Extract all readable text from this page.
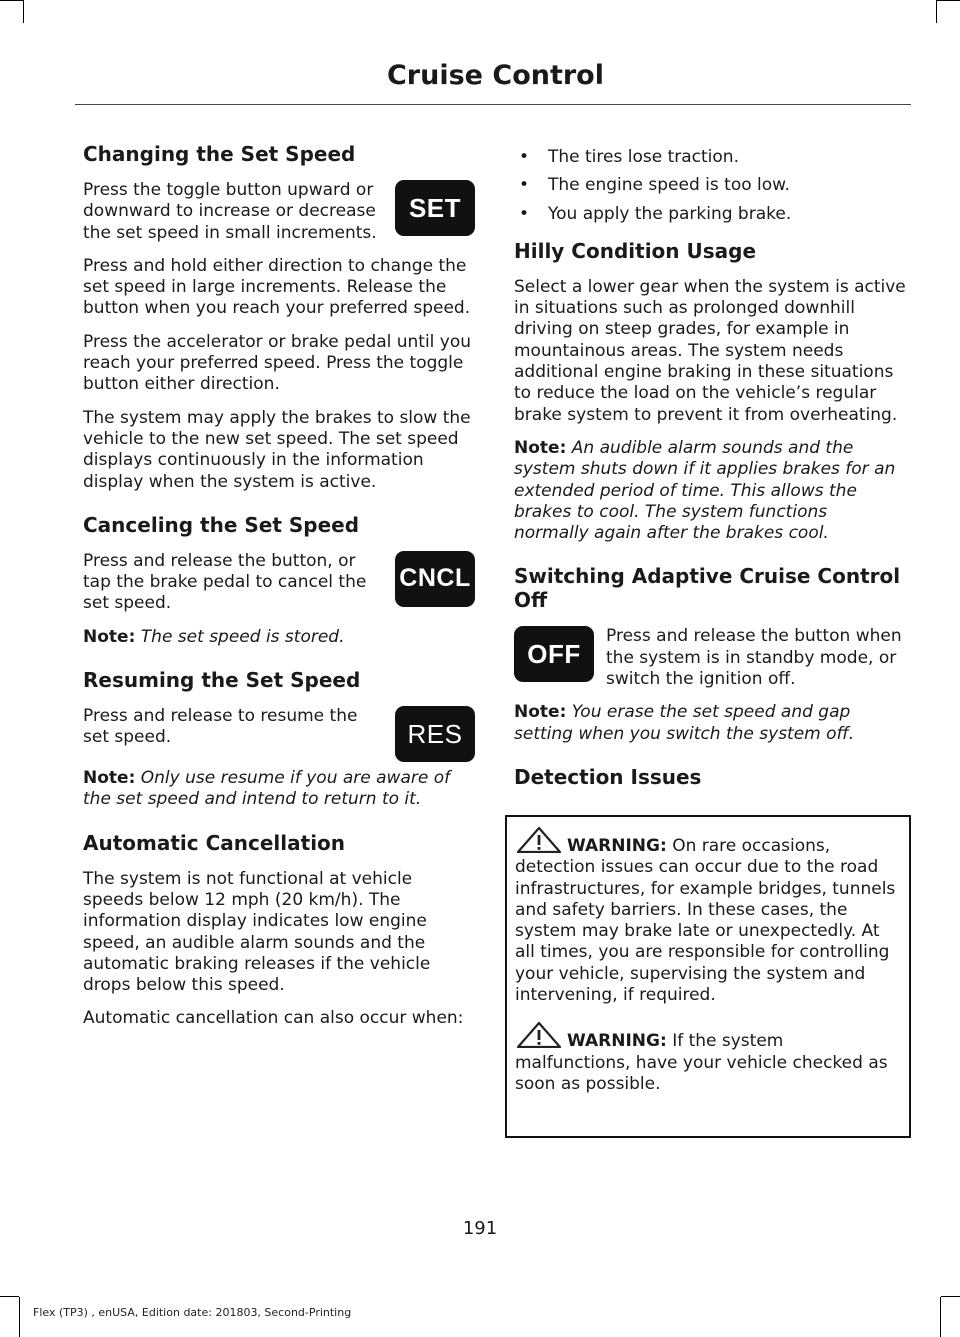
Cruise Control
Changing the Set Speed
SET

Press the toggle button upward or downward to increase or decrease the set speed in small increments.

Press and hold either direction to change the set speed in large increments. Release the button when you reach your preferred speed.

Press the accelerator or brake pedal until you reach your preferred speed. Press the toggle button either direction.

The system may apply the brakes to slow the vehicle to the new set speed. The set speed displays continuously in the information display when the system is active.

Canceling the Set Speed
CNCL

Press and release the button, or tap the brake pedal to cancel the set speed.

Note: The set speed is stored.

Resuming the Set Speed
RES

Press and release to resume the set speed.

Note: Only use resume if you are aware of the set speed and intend to return to it.

Automatic Cancellation

The system is not functional at vehicle speeds below 12 mph (20 km/h). The information display indicates low engine speed, an audible alarm sounds and the automatic braking releases if the vehicle drops below this speed.

Automatic cancellation can also occur when:

• The tires lose traction.
• The engine speed is too low.
• You apply the parking brake.
Hilly Condition Usage

Select a lower gear when the system is active in situations such as prolonged downhill driving on steep grades, for example in mountainous areas. The system needs additional engine braking in these situations to reduce the load on the vehicle’s regular brake system to prevent it from overheating.

Note: An audible alarm sounds and the system shuts down if it applies brakes for an extended period of time. This allows the brakes to cool. The system functions normally again after the brakes cool.

Switching Adaptive Cruise Control Off
OFF

Press and release the button when the system is in standby mode, or switch the ignition off.

Note: You erase the set speed and gap setting when you switch the system off.

Detection Issues

WARNING: On rare occasions, detection issues can occur due to the road infrastructures, for example bridges, tunnels and safety barriers. In these cases, the system may brake late or unexpectedly. At all times, you are responsible for controlling your vehicle, supervising the system and intervening, if required.

WARNING: If the system malfunctions, have your vehicle checked as soon as possible.

191
Flex (TP3) , enUSA, Edition date: 201803, Second-Printing
